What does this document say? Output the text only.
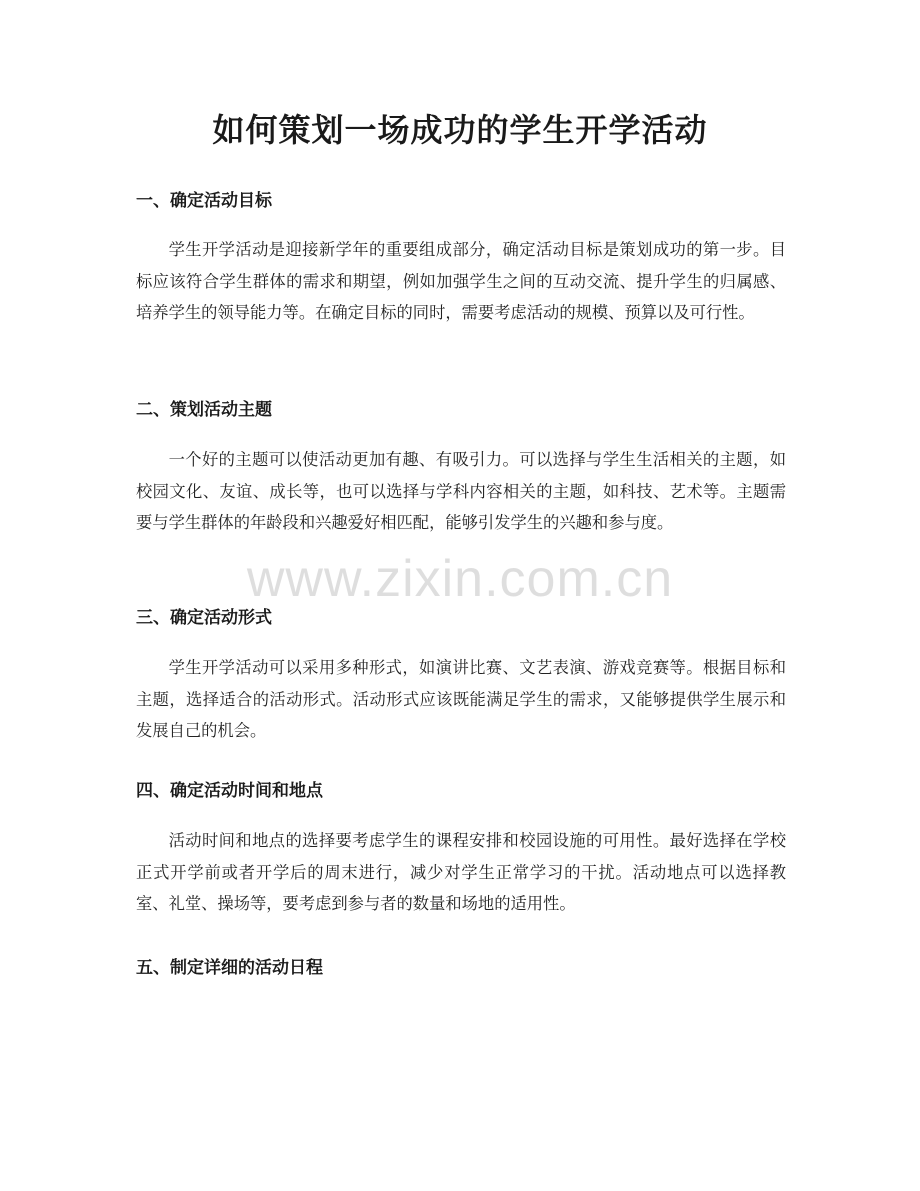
如何策划一场成功的学生开学活动
一、确定活动目标

学生开学活动是迎接新学年的重要组成部分，确定活动目标是策划成功的第一步。目标应该符合学生群体的需求和期望，例如加强学生之间的互动交流、提升学生的归属感、培养学生的领导能力等。在确定目标的同时，需要考虑活动的规模、预算以及可行性。

二、策划活动主题

一个好的主题可以使活动更加有趣、有吸引力。可以选择与学生生活相关的主题，如校园文化、友谊、成长等，也可以选择与学科内容相关的主题，如科技、艺术等。主题需要与学生群体的年龄段和兴趣爱好相匹配，能够引发学生的兴趣和参与度。

三、确定活动形式

学生开学活动可以采用多种形式，如演讲比赛、文艺表演、游戏竞赛等。根据目标和主题，选择适合的活动形式。活动形式应该既能满足学生的需求，又能够提供学生展示和发展自己的机会。

四、确定活动时间和地点

活动时间和地点的选择要考虑学生的课程安排和校园设施的可用性。最好选择在学校正式开学前或者开学后的周末进行，减少对学生正常学习的干扰。活动地点可以选择教室、礼堂、操场等，要考虑到参与者的数量和场地的适用性。

五、制定详细的活动日程
www.zixin.com.cn
